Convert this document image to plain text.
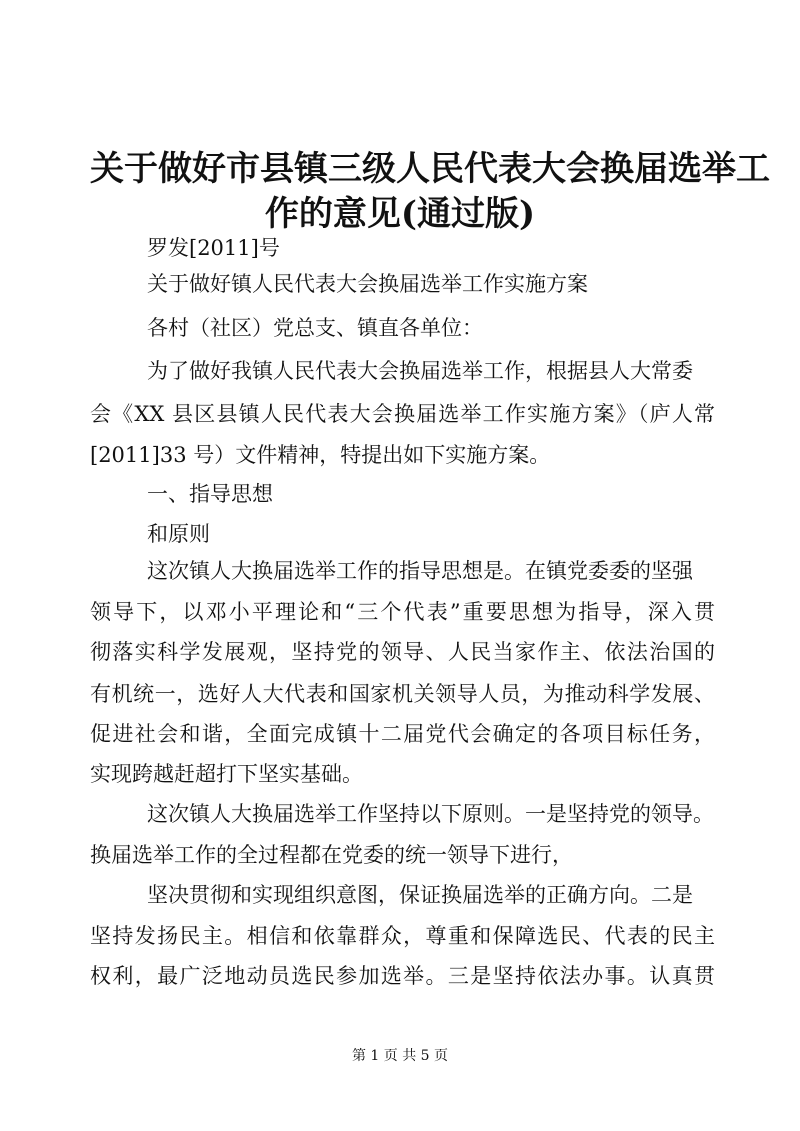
关于做好市县镇三级人民代表大会换届选举工
作的意见(通过版)
罗发[2011]号
关于做好镇人民代表大会换届选举工作实施方案
各村（社区）党总支、镇直各单位：
为了做好我镇人民代表大会换届选举工作，根据县人大常委
会《XX 县区县镇人民代表大会换届选举工作实施方案》（庐人常
[2011]33 号）文件精神，特提出如下实施方案。
一、指导思想
和原则
这次镇人大换届选举工作的指导思想是。在镇党委委的坚强
领导下，以邓小平理论和“三个代表”重要思想为指导，深入贯
彻落实科学发展观，坚持党的领导、人民当家作主、依法治国的
有机统一，选好人大代表和国家机关领导人员，为推动科学发展、
促进社会和谐，全面完成镇十二届党代会确定的各项目标任务，
实现跨越赶超打下坚实基础。
这次镇人大换届选举工作坚持以下原则。一是坚持党的领导。
换届选举工作的全过程都在党委的统一领导下进行，
坚决贯彻和实现组织意图，保证换届选举的正确方向。二是
坚持发扬民主。相信和依靠群众，尊重和保障选民、代表的民主
权利，最广泛地动员选民参加选举。三是坚持依法办事。认真贯
第 1 页 共 5 页
